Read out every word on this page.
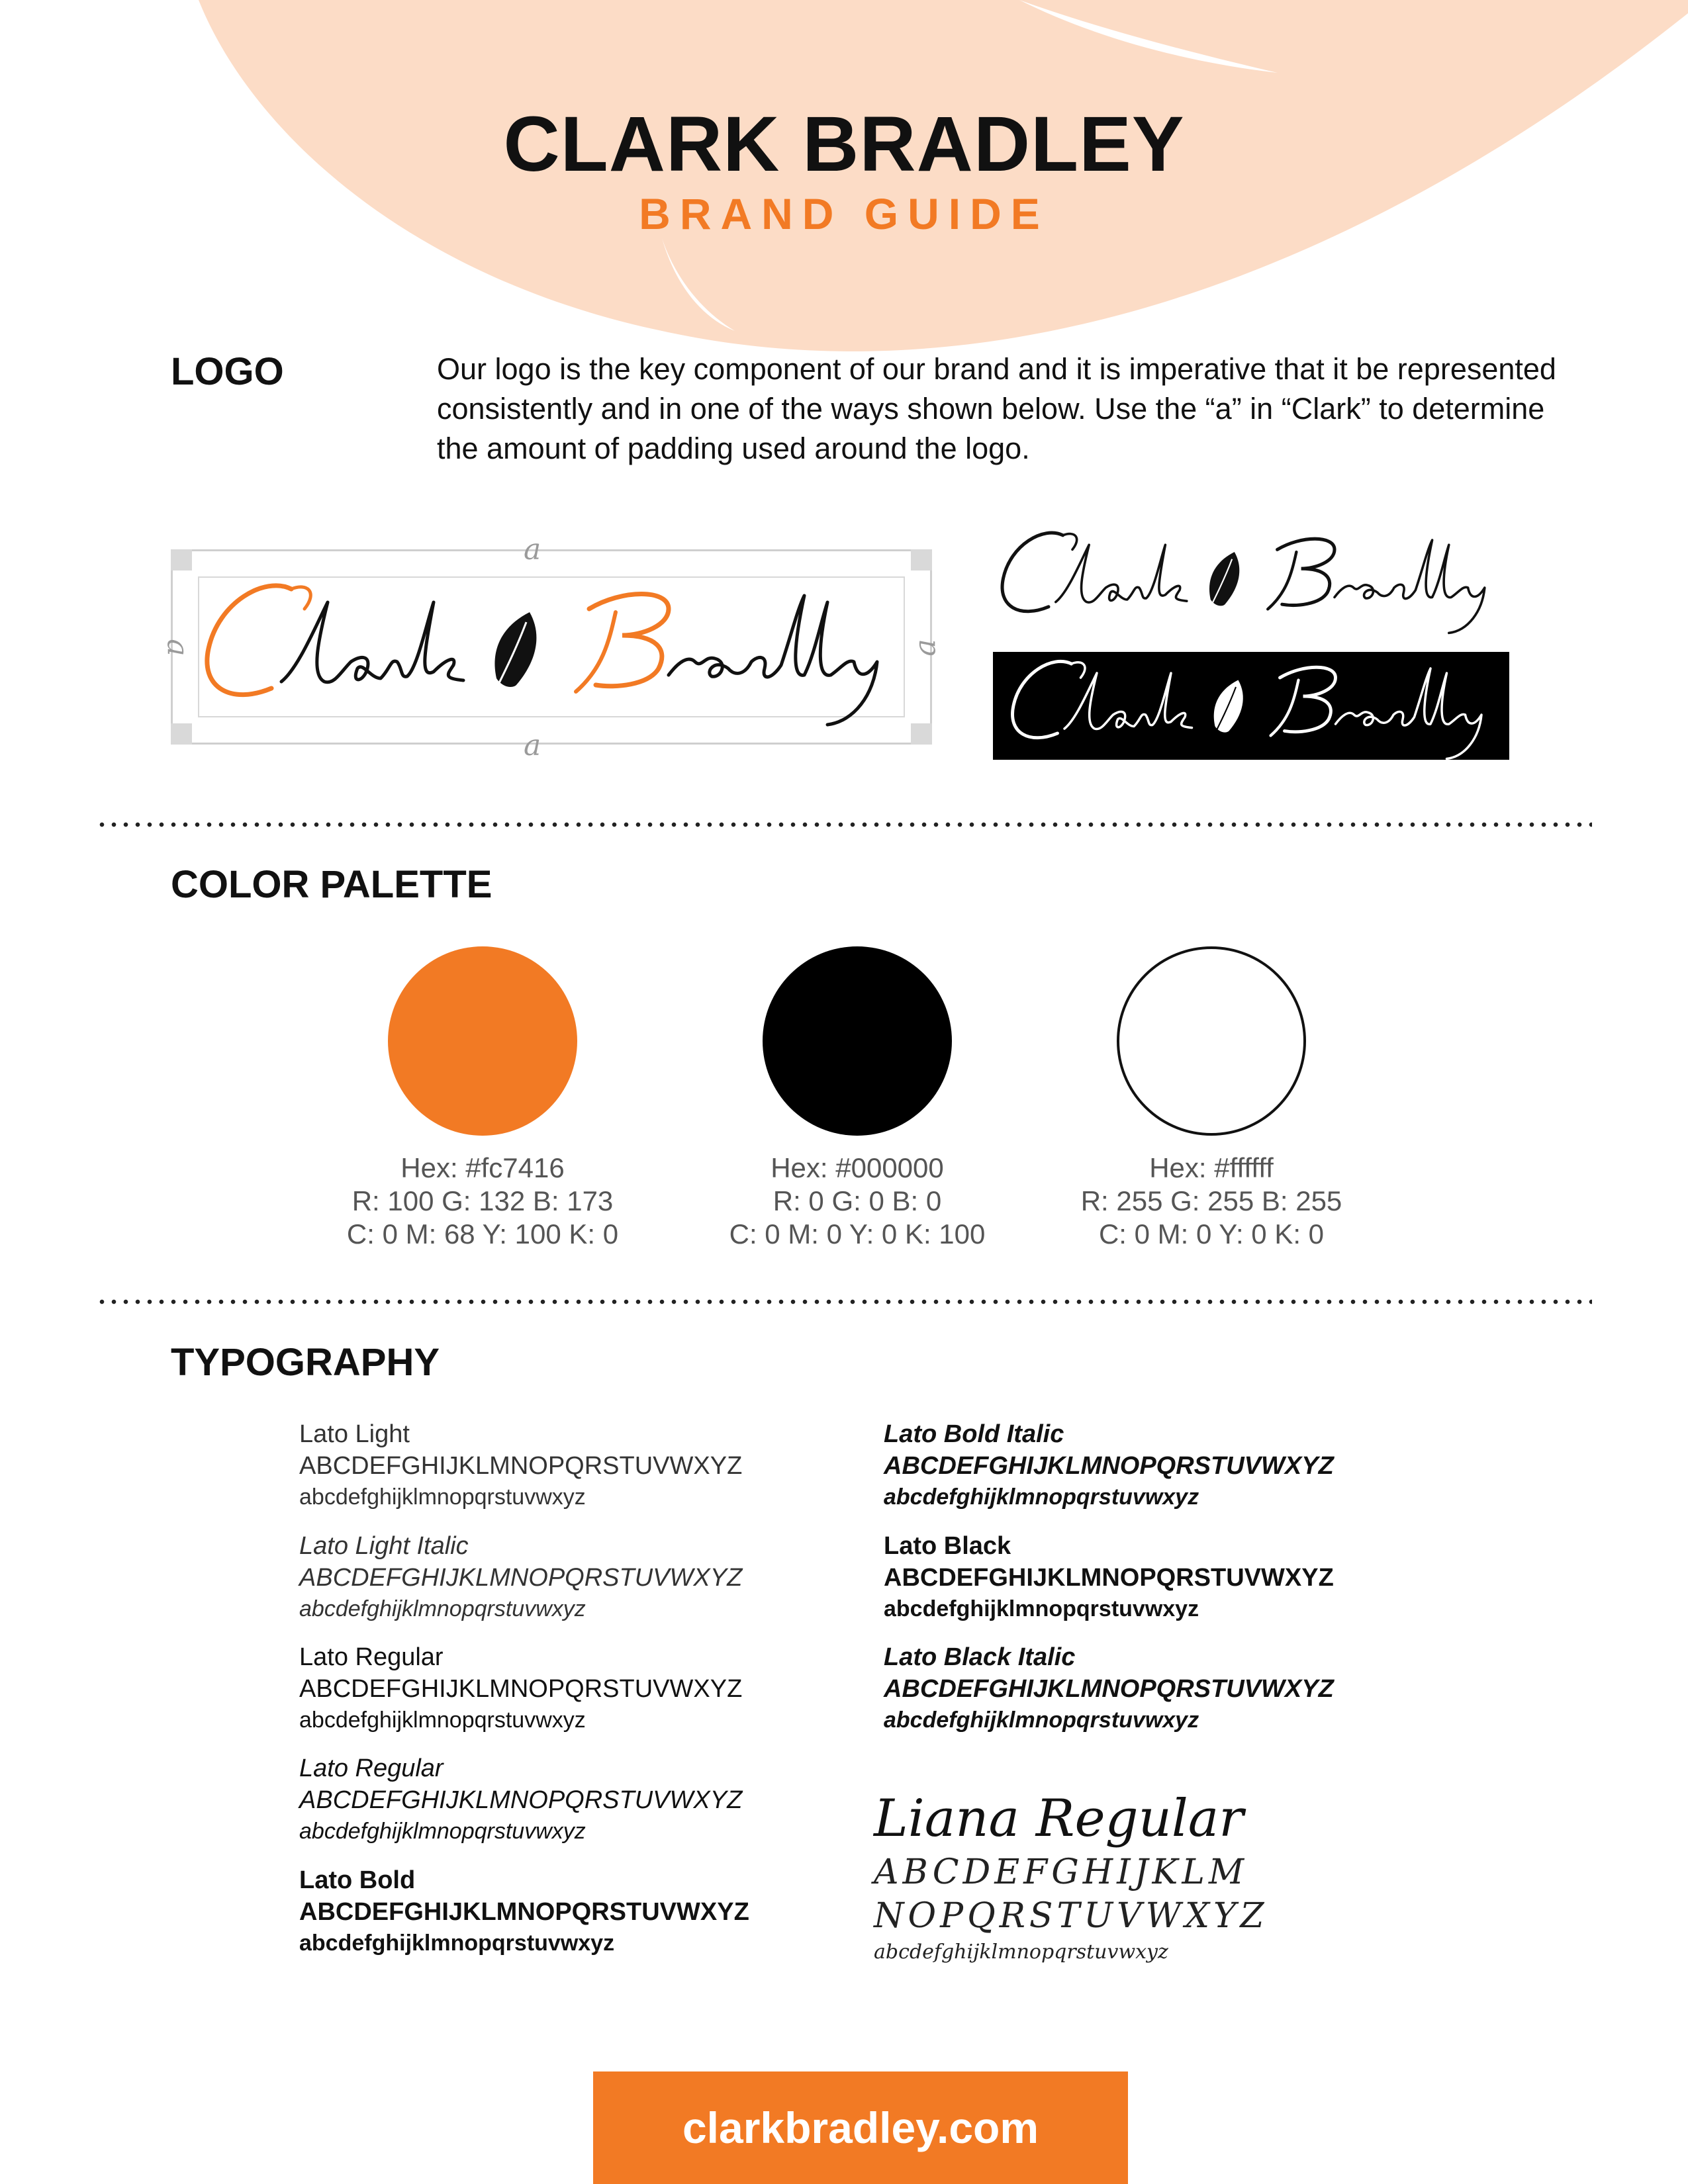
CLARK BRADLEY
BRAND GUIDE
LOGO	Our logo is the key component of our brand and it is imperative that it be represented consistently and in one of the ways shown below. Use the “a” in “Clark” to determine the amount of padding used around the logo.
a
a
a	a
COLOR PALETTE
Hex: #fc7416
R: 100 G: 132 B: 173
C: 0 M: 68 Y: 100 K: 0
Hex: #000000
R: 0 G: 0 B: 0
C: 0 M: 0 Y: 0 K: 100
Hex: #ffffff
R: 255 G: 255 B: 255
C: 0 M: 0 Y: 0 K: 0
TYPOGRAPHY
Lato Light
ABCDEFGHIJKLMNOPQRSTUVWXYZ
abcdefghijklmnopqrstuvwxyz
Lato Light Italic
ABCDEFGHIJKLMNOPQRSTUVWXYZ
abcdefghijklmnopqrstuvwxyz
Lato Regular
ABCDEFGHIJKLMNOPQRSTUVWXYZ
abcdefghijklmnopqrstuvwxyz
Lato Regular
ABCDEFGHIJKLMNOPQRSTUVWXYZ
abcdefghijklmnopqrstuvwxyz
Lato Bold
ABCDEFGHIJKLMNOPQRSTUVWXYZ
abcdefghijklmnopqrstuvwxyz
Lato Bold Italic
ABCDEFGHIJKLMNOPQRSTUVWXYZ
abcdefghijklmnopqrstuvwxyz
Lato Black
ABCDEFGHIJKLMNOPQRSTUVWXYZ
abcdefghijklmnopqrstuvwxyz
Lato Black Italic
ABCDEFGHIJKLMNOPQRSTUVWXYZ
abcdefghijklmnopqrstuvwxyz
Liana Regular
ABCDEFGHIJKLM
NOPQRSTUVWXYZ
abcdefghijklmnopqrstuvwxyz
clarkbradley.com
